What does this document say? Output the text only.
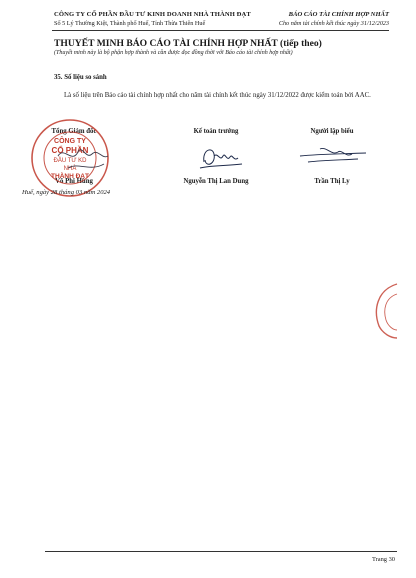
CÔNG TY CỔ PHẦN ĐẦU TƯ KINH DOANH NHÀ THÀNH ĐẠT
Số 5 Lý Thường Kiệt, Thành phố Huế, Tỉnh Thừa Thiên Huế
BÁO CÁO TÀI CHÍNH HỢP NHẤT
Cho năm tài chính kết thúc ngày 31/12/2023
THUYẾT MINH BÁO CÁO TÀI CHÍNH HỢP NHẤT (tiếp theo)
(Thuyết minh này là bộ phận hợp thành và cần được đọc đồng thời với Báo cáo tài chính hợp nhất)
35. Số liệu so sánh
Là số liệu trên Báo cáo tài chính hợp nhất cho năm tài chính kết thúc ngày 31/12/2022 được kiểm toán bởi AAC.
Tổng Giám đốc
Võ Phi Hùng
CÔNG TY
CỔ PHẦN
ĐẦU TƯ KD
NHÀ
THÀNH ĐẠT
Kế toán trưởng
Nguyễn Thị Lan Dung
Người lập biểu
Trần Thị Ly
Huế, ngày 28 tháng 03 năm 2024
Trang 30
